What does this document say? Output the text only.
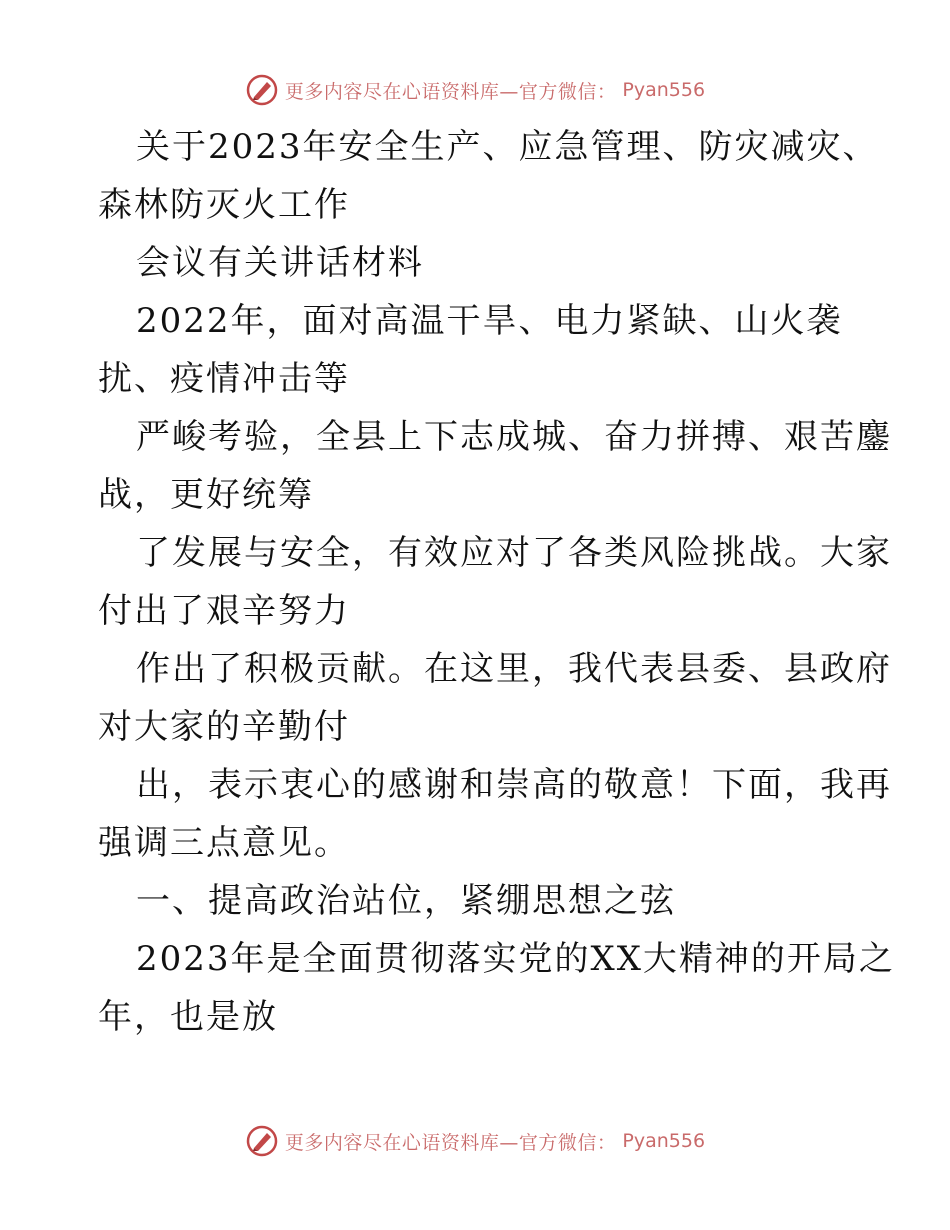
更多内容尽在心语资料库—官方微信： Pyan556
关于2023年安全生产、应急管理、防灾减灾、
森林防灭火工作
会议有关讲话材料
2022年，面对高温干旱、电力紧缺、山火袭
扰、疫情冲击等
严峻考验，全县上下志成城、奋力拼搏、艰苦鏖
战，更好统筹
了发展与安全，有效应对了各类风险挑战。大家
付出了艰辛努力
作出了积极贡献。在这里，我代表县委、县政府
对大家的辛勤付
出，表示衷心的感谢和崇高的敬意！下面，我再
强调三点意见。
一、提高政治站位，紧绷思想之弦
2023年是全面贯彻落实党的XX大精神的开局之
年，也是放
更多内容尽在心语资料库—官方微信： Pyan556
